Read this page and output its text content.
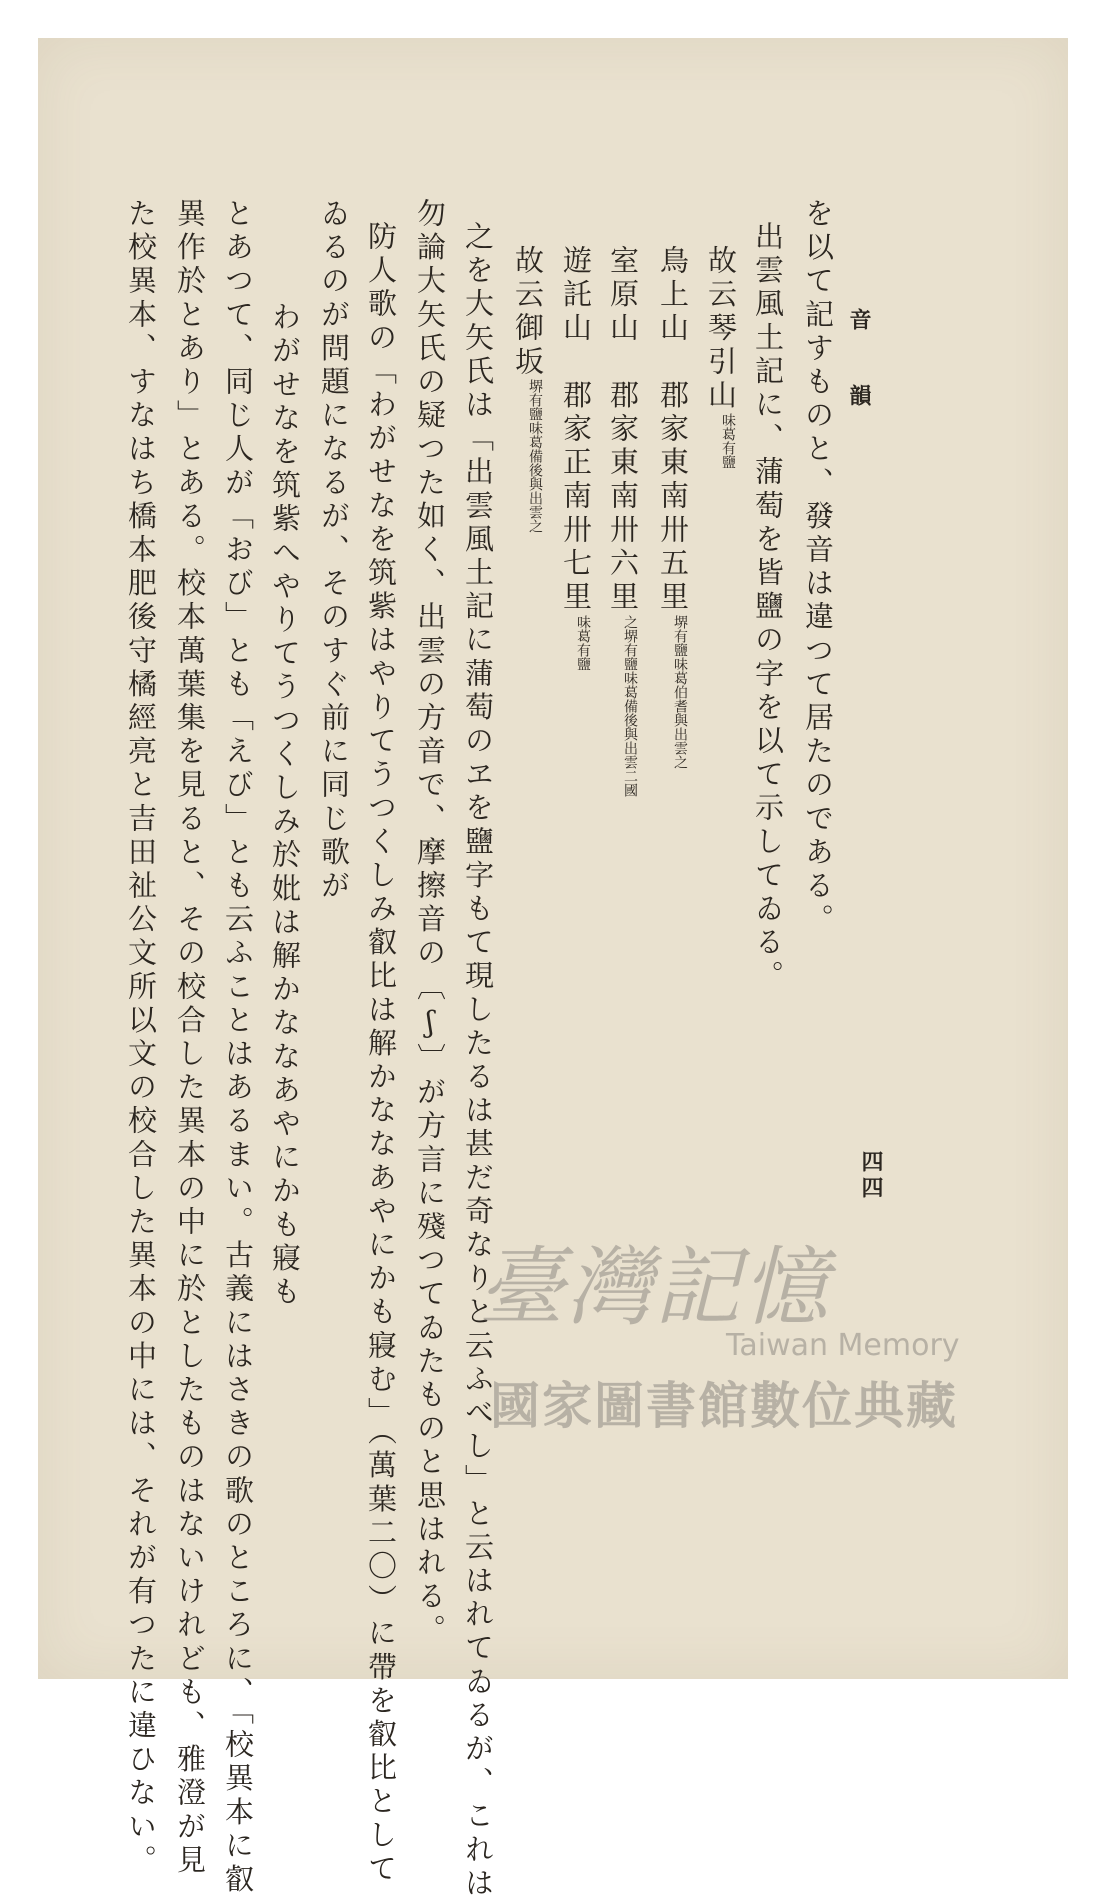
音　韻
四四
を以て記すものと、發音は違つて居たのである。
出雲風土記に、蒲萄を皆鹽の字を以て示してゐる。
故云琴引山
有鹽
味葛
鳥上山　郡家東南卅五里
伯耆與出雲之
堺有鹽味葛
室原山　郡家東南卅六里
備後與出雲二國
之堺有鹽味葛
遊託山　郡家正南卅七里
有鹽
味葛
故云御坂
備後與出雲之
堺有鹽味葛
之を大矢氏は「出雲風土記に蒲萄のヱを鹽字もて現したるは甚だ奇なりと云ふべし」と云はれてゐるが、これは
勿論大矢氏の疑つた如く、出雲の方音で、摩擦音の〔ʃ〕が方言に殘つてゐたものと思はれる。
防人歌の「わがせなを筑紫はやりてうつくしみ叡比は解かななあやにかも寢む」（萬葉二〇）に帶を叡比として
ゐるのが問題になるが、そのすぐ前に同じ歌が
　わがせなを筑紫へやりてうつくしみ於妣は解かななあやにかも寢も
とあつて、同じ人が「おび」とも「えび」とも云ふことはあるまい。古義にはさきの歌のところに、「校異本に叡
異作於とあり」とある。校本萬葉集を見ると、その校合した異本の中に於としたものはないけれども、雅澄が見
た校異本、すなはち橋本肥後守橘經亮と吉田祉公文所以文の校合した異本の中には、それが有つたに違ひない。	臺灣記憶
Taiwan Memory
國家圖書館數位典藏
